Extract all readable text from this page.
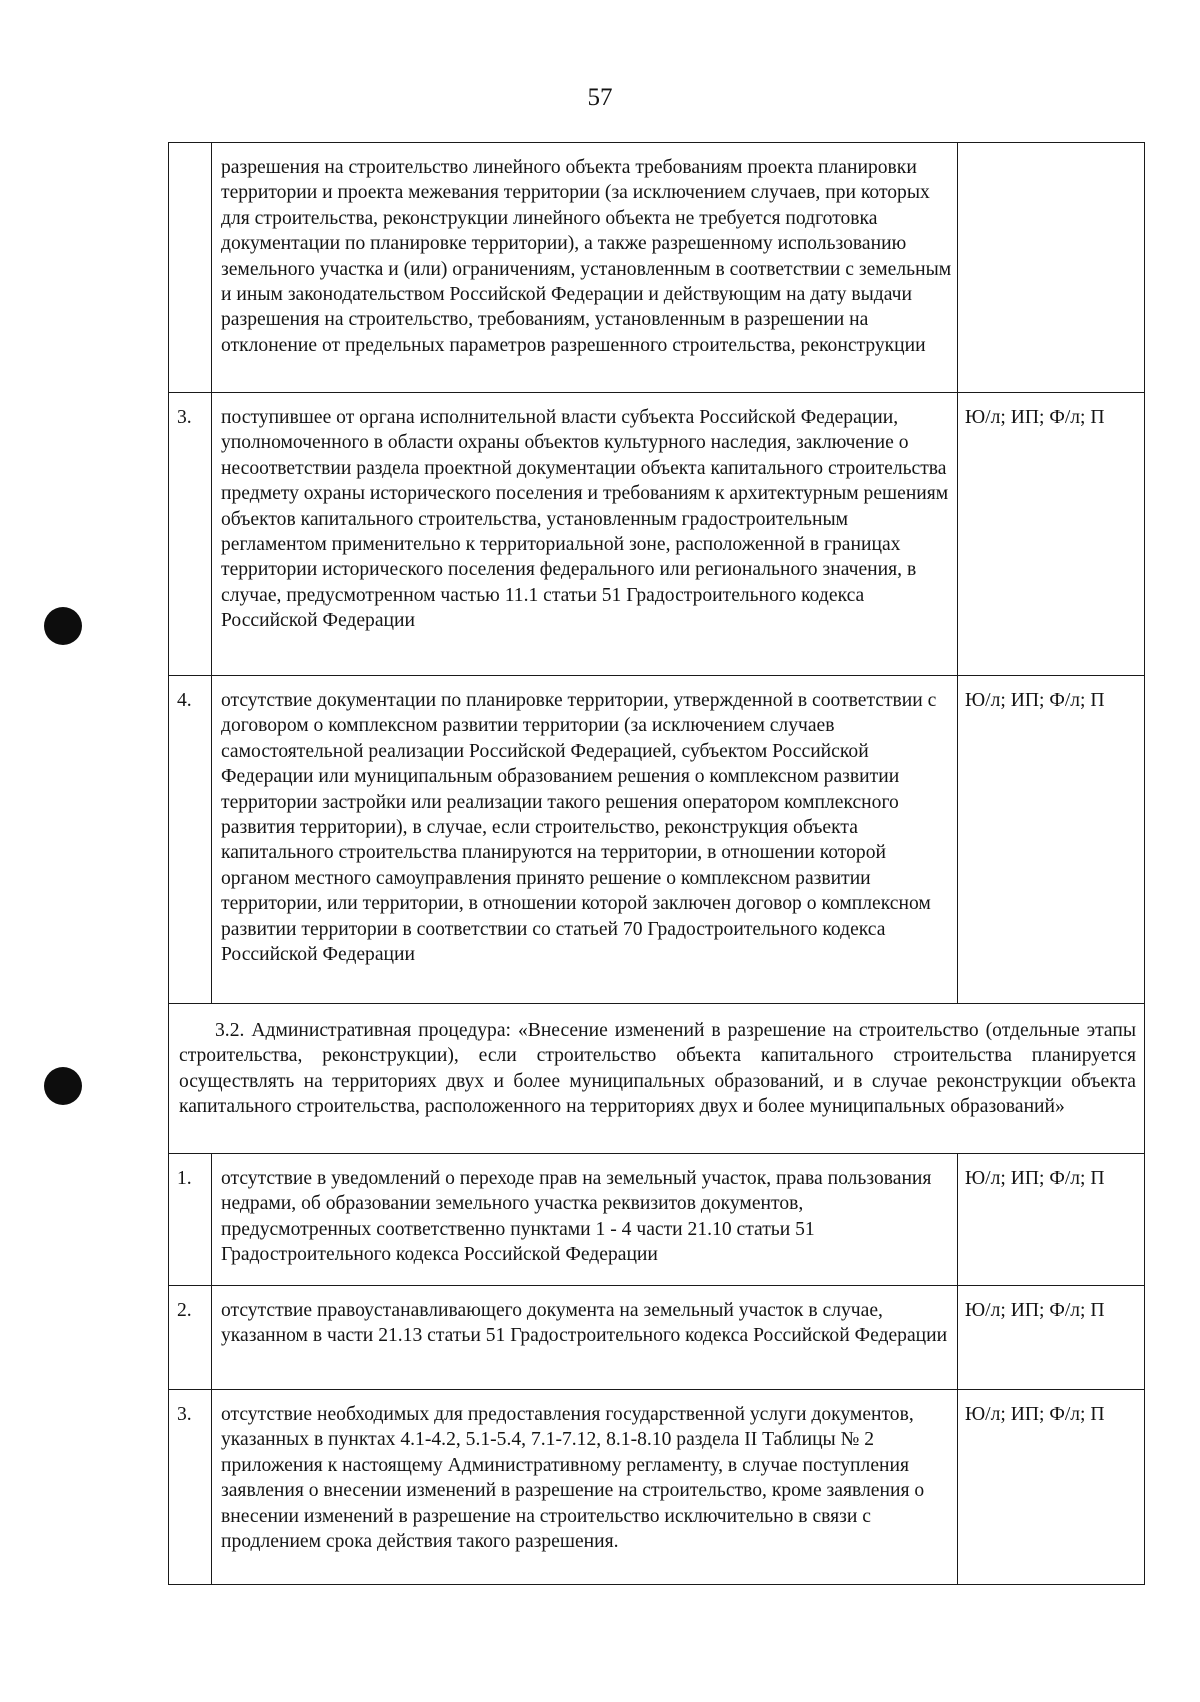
57
	разрешения на строительство линейного объекта требованиям проекта планировки территории и проекта межевания территории (за исключением случаев, при которых для строительства, реконструкции линейного объекта не требуется подготовка документации по планировке территории), а также разрешенному использованию земельного участка и (или) ограничениям, установленным в соответствии с земельным и иным законодательством Российской Федерации и действующим на дату выдачи разрешения на строительство, требованиям, установленным в разрешении на отклонение от предельных параметров разрешенного строительства, реконструкции	
3.	поступившее от органа исполнительной власти субъекта Российской Федерации, уполномоченного в области охраны объектов культурного наследия, заключение о несоответствии раздела проектной документации объекта капитального строительства предмету охраны исторического поселения и требованиям к архитектурным решениям объектов капитального строительства, установленным градостроительным регламентом применительно к территориальной зоне, расположенной в границах территории исторического поселения федерального или регионального значения, в случае, предусмотренном частью 11.1 статьи 51 Градостроительного кодекса Российской Федерации	Ю/л; ИП; Ф/л; П
4.	отсутствие документации по планировке территории, утвержденной в соответствии с договором о комплексном развитии территории (за исключением случаев самостоятельной реализации Российской Федерацией, субъектом Российской Федерации или муниципальным образованием решения о комплексном развитии территории застройки или реализации такого решения оператором комплексного развития территории), в случае, если строительство, реконструкция объекта капитального строительства планируются на территории, в отношении которой органом местного самоуправления принято решение о комплексном развитии территории, или территории, в отношении которой заключен договор о комплексном развитии территории в соответствии со статьей 70 Градостроительного кодекса Российской Федерации	Ю/л; ИП; Ф/л; П

3.2. Административная процедура: «Внесение изменений в разрешение на строительство (отдельные этапы строительства, реконструкции), если строительство объекта капитального строительства планируется осуществлять на территориях двух и более муниципальных образований, и в случае реконструкции объекта капитального строительства, расположенного на территориях двух и более муниципальных образований»		

1.	отсутствие в уведомлений о переходе прав на земельный участок, права пользования недрами, об образовании земельного участка реквизитов документов, предусмотренных соответственно пунктами 1 - 4 части 21.10 статьи 51 Градостроительного кодекса Российской Федерации	Ю/л; ИП; Ф/л; П
2.	отсутствие правоустанавливающего документа на земельный участок в случае, указанном в части 21.13 статьи 51 Градостроительного кодекса Российской Федерации	Ю/л; ИП; Ф/л; П
3.	отсутствие необходимых для предоставления государственной услуги документов, указанных в пунктах 4.1-4.2, 5.1-5.4, 7.1-7.12, 8.1-8.10 раздела II Таблицы № 2 приложения к настоящему Административному регламенту, в случае поступления заявления о внесении изменений в разрешение на строительство, кроме заявления о внесении изменений в разрешение на строительство исключительно в связи с продлением срока действия такого разрешения.	Ю/л; ИП; Ф/л; П
